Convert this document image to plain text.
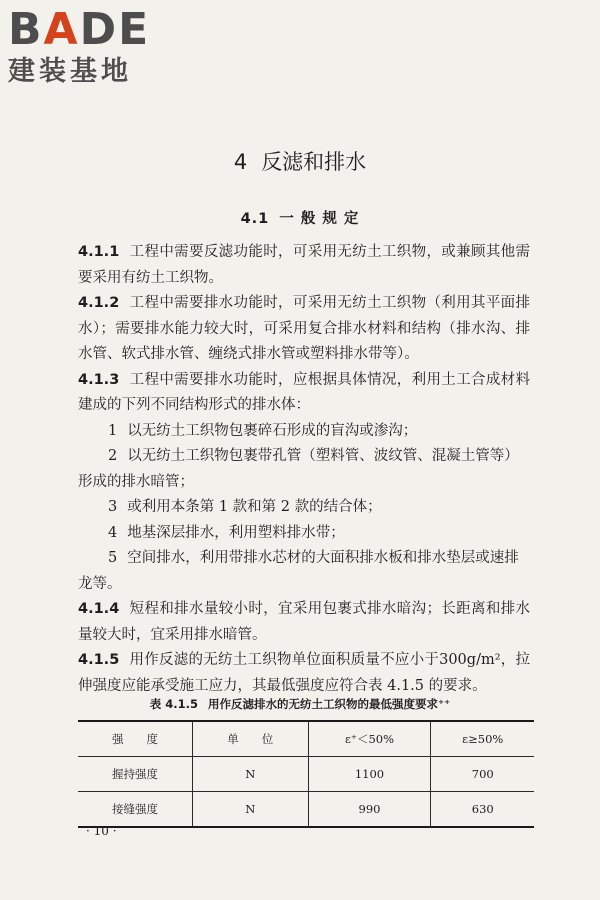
BADE
建装基地
4 反滤和排水
4.1 一 般 规 定

4.1.1 工程中需要反滤功能时，可采用无纺土工织物，或兼顾其他需要采用有纺土工织物。

4.1.2 工程中需要排水功能时，可采用无纺土工织物（利用其平面排水）；需要排水能力较大时，可采用复合排水材料和结构（排水沟、排水管、软式排水管、缠绕式排水管或塑料排水带等）。

4.1.3 工程中需要排水功能时，应根据具体情况，利用土工合成材料建成的下列不同结构形式的排水体：

1 以无纺土工织物包裹碎石形成的盲沟或渗沟；

2 以无纺土工织物包裹带孔管（塑料管、波纹管、混凝土管等）形成的排水暗管；

3 或利用本条第 1 款和第 2 款的结合体；

4 地基深层排水，利用塑料排水带；

5 空间排水，利用带排水芯材的大面积排水板和排水垫层或速排龙等。

4.1.4 短程和排水量较小时，宜采用包裹式排水暗沟；长距离和排水量较大时，宜采用排水暗管。

4.1.5 用作反滤的无纺土工织物单位面积质量不应小于300g/m²，拉伸强度应能承受施工应力，其最低强度应符合表 4.1.5 的要求。

表 4.1.5 用作反滤排水的无纺土工织物的最低强度要求⁺⁺
强　　度	单　　位	ε⁺＜50%	ε≥50%
握持强度	N	1100	700
接缝强度	N	990	630
· 10 ·
